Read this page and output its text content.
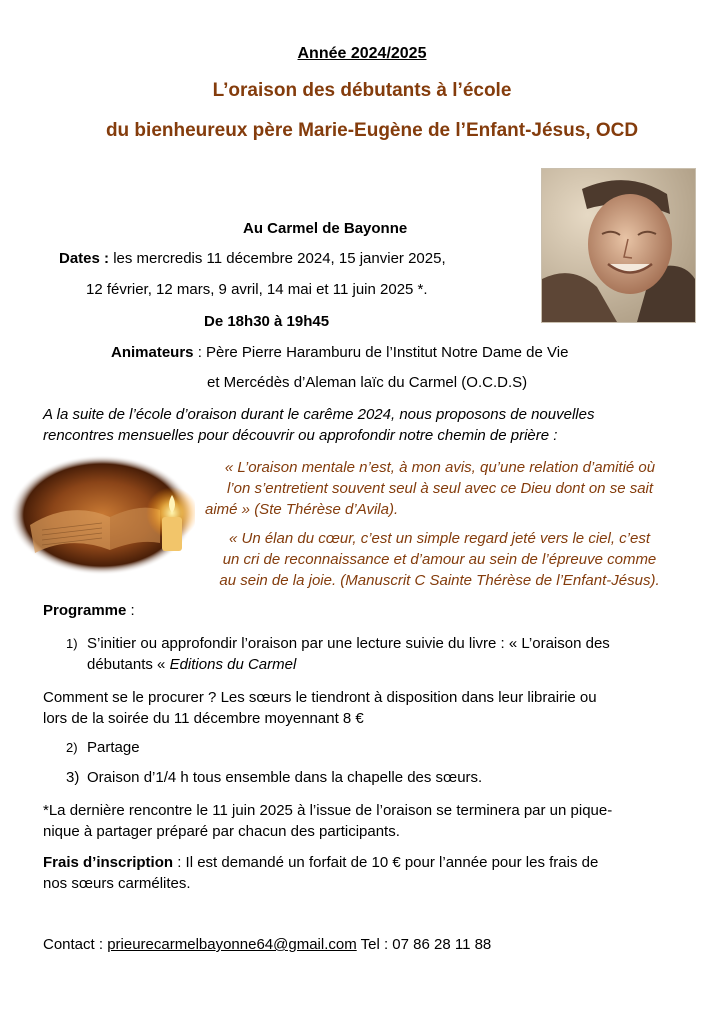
Année 2024/2025
L’oraison des débutants à l’école
du bienheureux père Marie-Eugène de l’Enfant-Jésus, OCD
Au Carmel de Bayonne
Dates : les mercredis 11 décembre 2024, 15 janvier 2025,
12 février, 12 mars, 9 avril, 14 mai et 11 juin 2025 *.
De 18h30 à 19h45
Animateurs : Père Pierre Haramburu de l’Institut Notre Dame de Vie
et Mercédès d’Aleman laïc du Carmel (O.C.D.S)
A la suite de l’école d’oraison durant le carême 2024, nous proposons de nouvelles
rencontres mensuelles pour découvrir ou approfondir notre chemin de prière :
« L’oraison mentale n’est, à mon avis, qu’une relation d’amitié où
l’on s’entretient souvent seul à seul avec ce Dieu dont on se sait
aimé » (Ste Thérèse d’Avila).
« Un élan du cœur, c’est un simple regard jeté vers le ciel, c’est
un cri de reconnaissance et d’amour au sein de l’épreuve comme
au sein de la joie. (Manuscrit C Sainte Thérèse de l’Enfant-Jésus).
Programme :
1) S’initier ou approfondir l’oraison par une lecture suivie du livre : « L’oraison des
débutants « Editions du Carmel
Comment se le procurer ? Les sœurs le tiendront à disposition dans leur librairie ou
lors de la soirée du 11 décembre moyennant 8 €
2) Partage
3) Oraison d’1/4 h tous ensemble dans la chapelle des sœurs.
*La dernière rencontre le 11 juin 2025 à l’issue de l’oraison se terminera par un pique-
nique à partager préparé par chacun des participants.
Frais d’inscription : Il est demandé un forfait de 10 € pour l’année pour les frais de
nos sœurs carmélites.
Contact : prieurecarmelbayonne64@gmail.com Tel : 07 86 28 11 88
